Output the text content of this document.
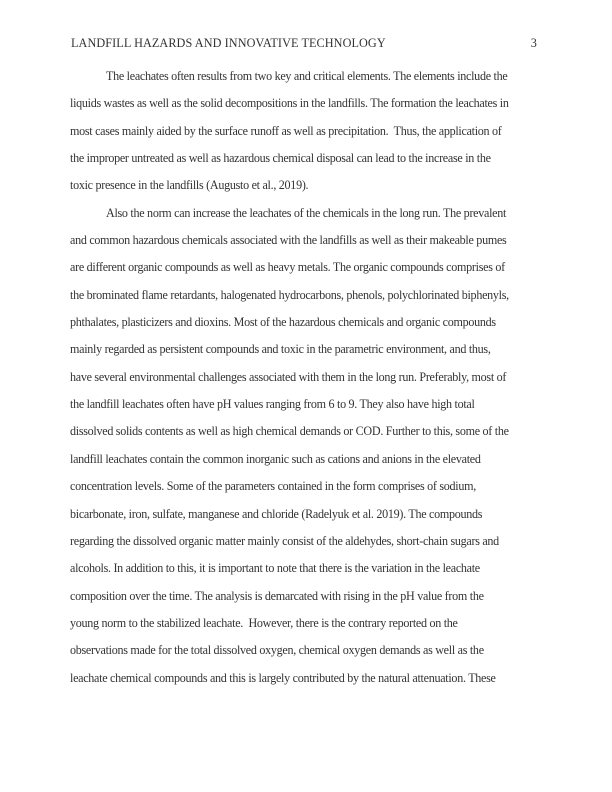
LANDFILL HAZARDS AND INNOVATIVE TECHNOLOGY	3
The leachates often results from two key and critical elements. The elements include the
liquids wastes as well as the solid decompositions in the landfills. The formation the leachates in
most cases mainly aided by the surface runoff as well as precipitation.  Thus, the application of
the improper untreated as well as hazardous chemical disposal can lead to the increase in the
toxic presence in the landfills (Augusto et al., 2019).
Also the norm can increase the leachates of the chemicals in the long run. The prevalent
and common hazardous chemicals associated with the landfills as well as their makeable pumes
are different organic compounds as well as heavy metals. The organic compounds comprises of
the brominated flame retardants, halogenated hydrocarbons, phenols, polychlorinated biphenyls,
phthalates, plasticizers and dioxins. Most of the hazardous chemicals and organic compounds
mainly regarded as persistent compounds and toxic in the parametric environment, and thus,
have several environmental challenges associated with them in the long run. Preferably, most of
the landfill leachates often have pH values ranging from 6 to 9. They also have high total
dissolved solids contents as well as high chemical demands or COD. Further to this, some of the
landfill leachates contain the common inorganic such as cations and anions in the elevated
concentration levels. Some of the parameters contained in the form comprises of sodium,
bicarbonate, iron, sulfate, manganese and chloride (Radelyuk et al. 2019). The compounds
regarding the dissolved organic matter mainly consist of the aldehydes, short-chain sugars and
alcohols. In addition to this, it is important to note that there is the variation in the leachate
composition over the time. The analysis is demarcated with rising in the pH value from the
young norm to the stabilized leachate.  However, there is the contrary reported on the
observations made for the total dissolved oxygen, chemical oxygen demands as well as the
leachate chemical compounds and this is largely contributed by the natural attenuation. These
